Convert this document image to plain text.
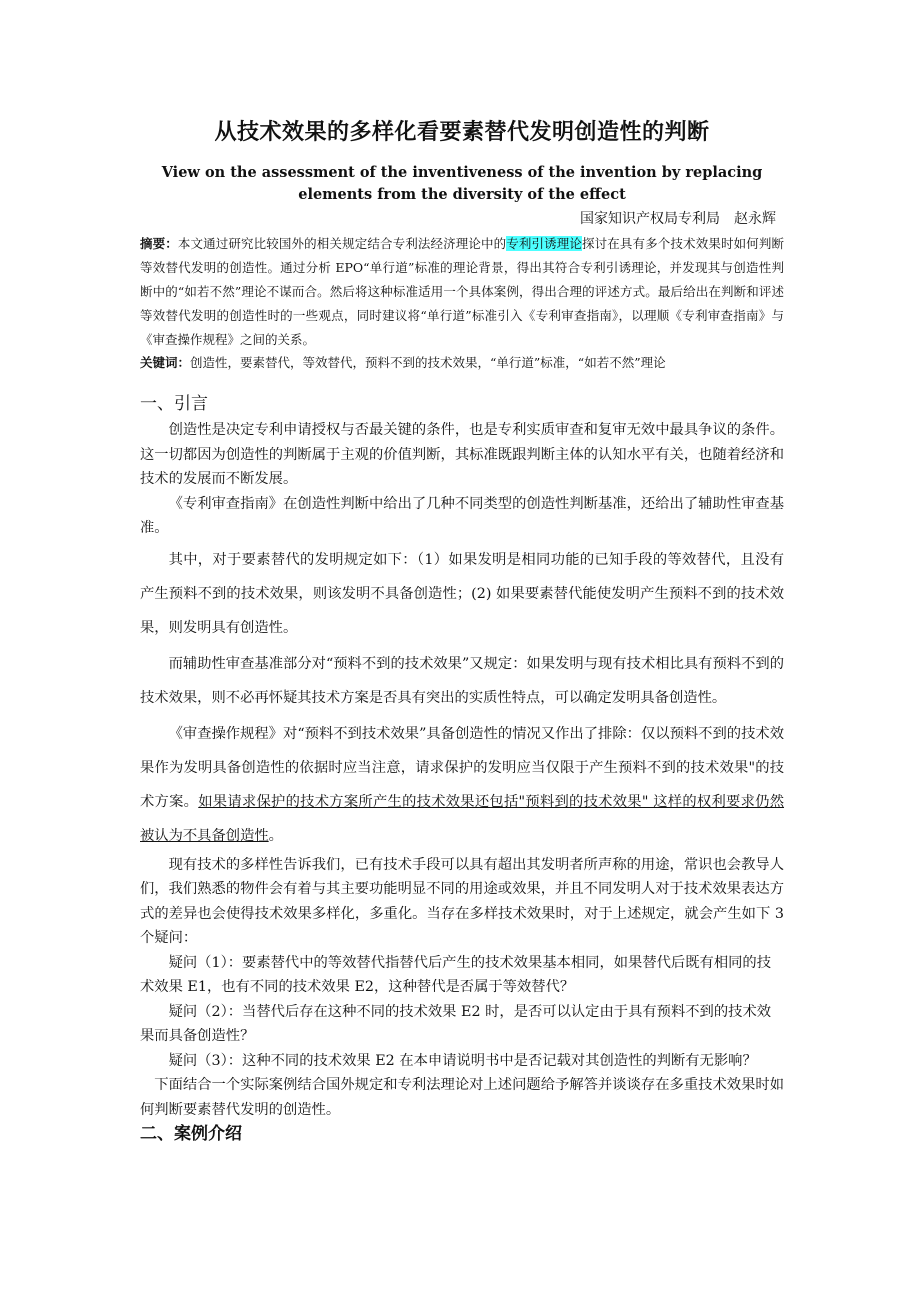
从技术效果的多样化看要素替代发明创造性的判断

View on the assessment of the inventiveness of the invention by replacing elements from the diversity of the effect

国家知识产权局专利局　赵永辉

摘要：本文通过研究比较国外的相关规定结合专利法经济理论中的专利引诱理论探讨在具有多个技术效果时如何判断等效替代发明的创造性。通过分析 EPO“单行道”标准的理论背景，得出其符合专利引诱理论，并发现其与创造性判断中的“如若不然”理论不谋而合。然后将这种标准适用一个具体案例，得出合理的评述方式。最后给出在判断和评述等效替代发明的创造性时的一些观点，同时建议将“单行道”标准引入《专利审查指南》，以理顺《专利审查指南》与《审查操作规程》之间的关系。

关键词：创造性，要素替代，等效替代，预料不到的技术效果，“单行道”标准，“如若不然”理论

一、引言

创造性是决定专利申请授权与否最关键的条件，也是专利实质审查和复审无效中最具争议的条件。这一切都因为创造性的判断属于主观的价值判断，其标准既跟判断主体的认知水平有关，也随着经济和技术的发展而不断发展。

《专利审查指南》在创造性判断中给出了几种不同类型的创造性判断基准，还给出了辅助性审查基准。

其中，对于要素替代的发明规定如下：（1）如果发明是相同功能的已知手段的等效替代，且没有产生预料不到的技术效果，则该发明不具备创造性；(2) 如果要素替代能使发明产生预料不到的技术效果，则发明具有创造性。

而辅助性审查基准部分对“预料不到的技术效果”又规定：如果发明与现有技术相比具有预料不到的技术效果，则不必再怀疑其技术方案是否具有突出的实质性特点，可以确定发明具备创造性。

《审查操作规程》对“预料不到技术效果”具备创造性的情况又作出了排除：仅以预料不到的技术效果作为发明具备创造性的依据时应当注意，请求保护的发明应当仅限于产生预料不到的技术效果"的技术方案。如果请求保护的技术方案所产生的技术效果还包括"预料到的技术效果" 这样的权利要求仍然被认为不具备创造性。

现有技术的多样性告诉我们，已有技术手段可以具有超出其发明者所声称的用途，常识也会教导人们，我们熟悉的物件会有着与其主要功能明显不同的用途或效果，并且不同发明人对于技术效果表达方式的差异也会使得技术效果多样化，多重化。当存在多样技术效果时，对于上述规定，就会产生如下 3 个疑问：

疑问（1）：要素替代中的等效替代指替代后产生的技术效果基本相同，如果替代后既有相同的技术效果 E1，也有不同的技术效果 E2，这种替代是否属于等效替代？

疑问（2）：当替代后存在这种不同的技术效果 E2 时，是否可以认定由于具有预料不到的技术效果而具备创造性？

疑问（3）：这种不同的技术效果 E2 在本申请说明书中是否记载对其创造性的判断有无影响？

下面结合一个实际案例结合国外规定和专利法理论对上述问题给予解答并谈谈存在多重技术效果时如何判断要素替代发明的创造性。

二、案例介绍
